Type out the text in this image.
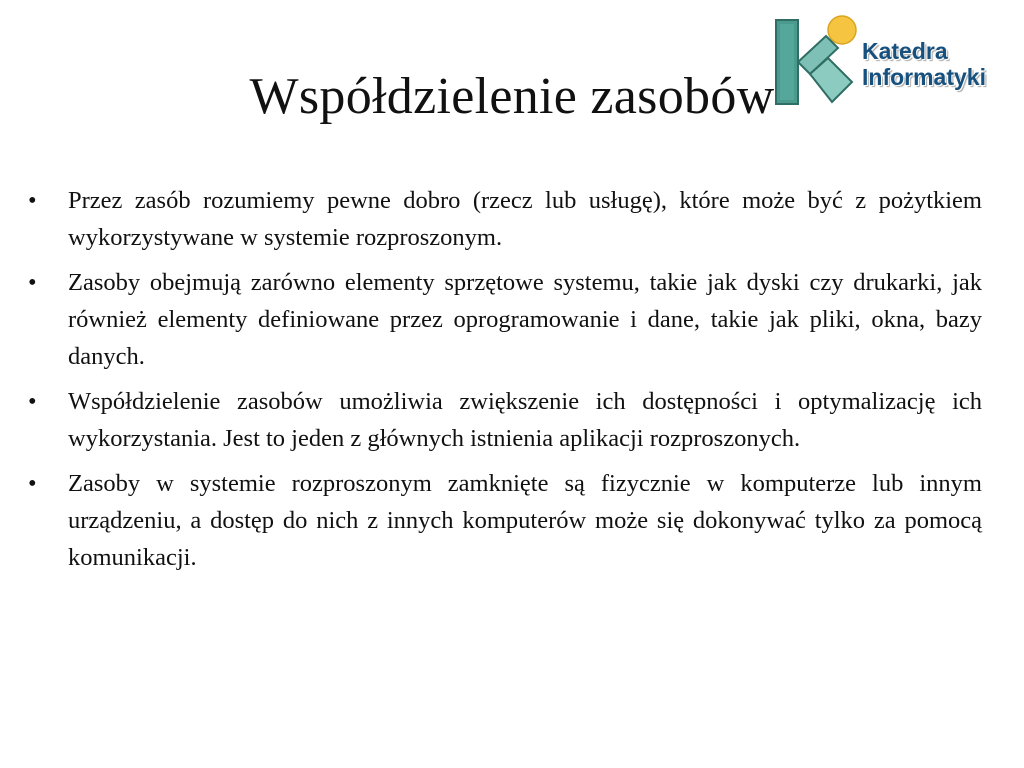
Katedra
Informatyki
Współdzielenie zasobów
•	Przez zasób rozumiemy pewne dobro (rzecz lub usługę), które może być z pożytkiem wykorzystywane w systemie rozproszonym.
•	Zasoby obejmują zarówno elementy sprzętowe systemu, takie jak dyski czy drukarki, jak również elementy definiowane przez oprogramowanie i dane, takie jak pliki, okna, bazy danych.
•	Współdzielenie zasobów umożliwia zwiększenie ich dostępności i optymalizację ich wykorzystania. Jest to jeden z głównych istnienia aplikacji rozproszonych.
•	Zasoby w systemie rozproszonym zamknięte są fizycznie w komputerze lub innym urządzeniu, a dostęp do nich z innych komputerów może się dokonywać tylko za pomocą komunikacji.
